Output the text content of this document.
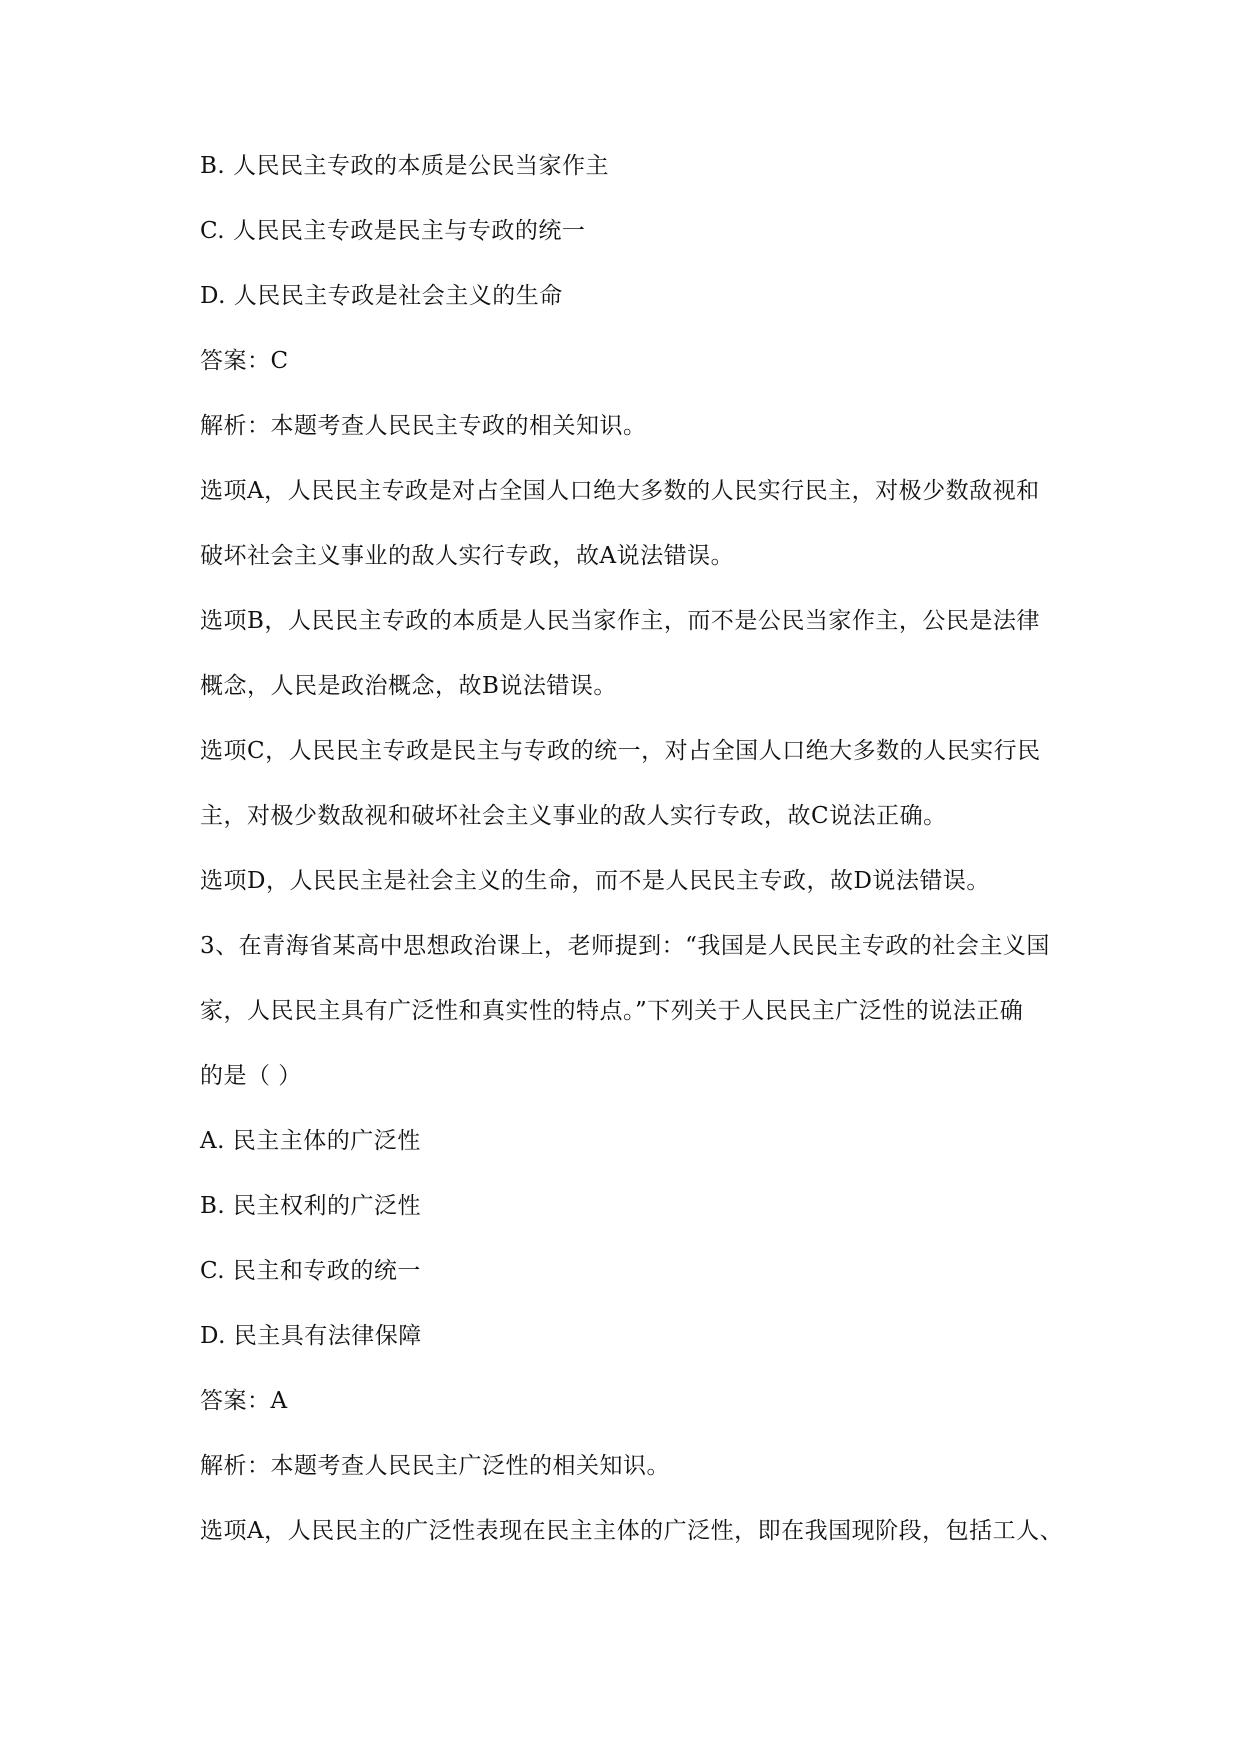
B. 人民民主专政的本质是公民当家作主
C. 人民民主专政是民主与专政的统一
D. 人民民主专政是社会主义的生命
答案：C
解析：本题考查人民民主专政的相关知识。
选项A，人民民主专政是对占全国人口绝大多数的人民实行民主，对极少数敌视和
破坏社会主义事业的敌人实行专政，故A说法错误。
选项B，人民民主专政的本质是人民当家作主，而不是公民当家作主，公民是法律
概念，人民是政治概念，故B说法错误。
选项C，人民民主专政是民主与专政的统一，对占全国人口绝大多数的人民实行民
主，对极少数敌视和破坏社会主义事业的敌人实行专政，故C说法正确。
选项D，人民民主是社会主义的生命，而不是人民民主专政，故D说法错误。
3、在青海省某高中思想政治课上，老师提到：“我国是人民民主专政的社会主义国
家，人民民主具有广泛性和真实性的特点。”下列关于人民民主广泛性的说法正确
的是（ ）
A. 民主主体的广泛性
B. 民主权利的广泛性
C. 民主和专政的统一
D. 民主具有法律保障
答案：A
解析：本题考查人民民主广泛性的相关知识。
选项A，人民民主的广泛性表现在民主主体的广泛性，即在我国现阶段，包括工人、
